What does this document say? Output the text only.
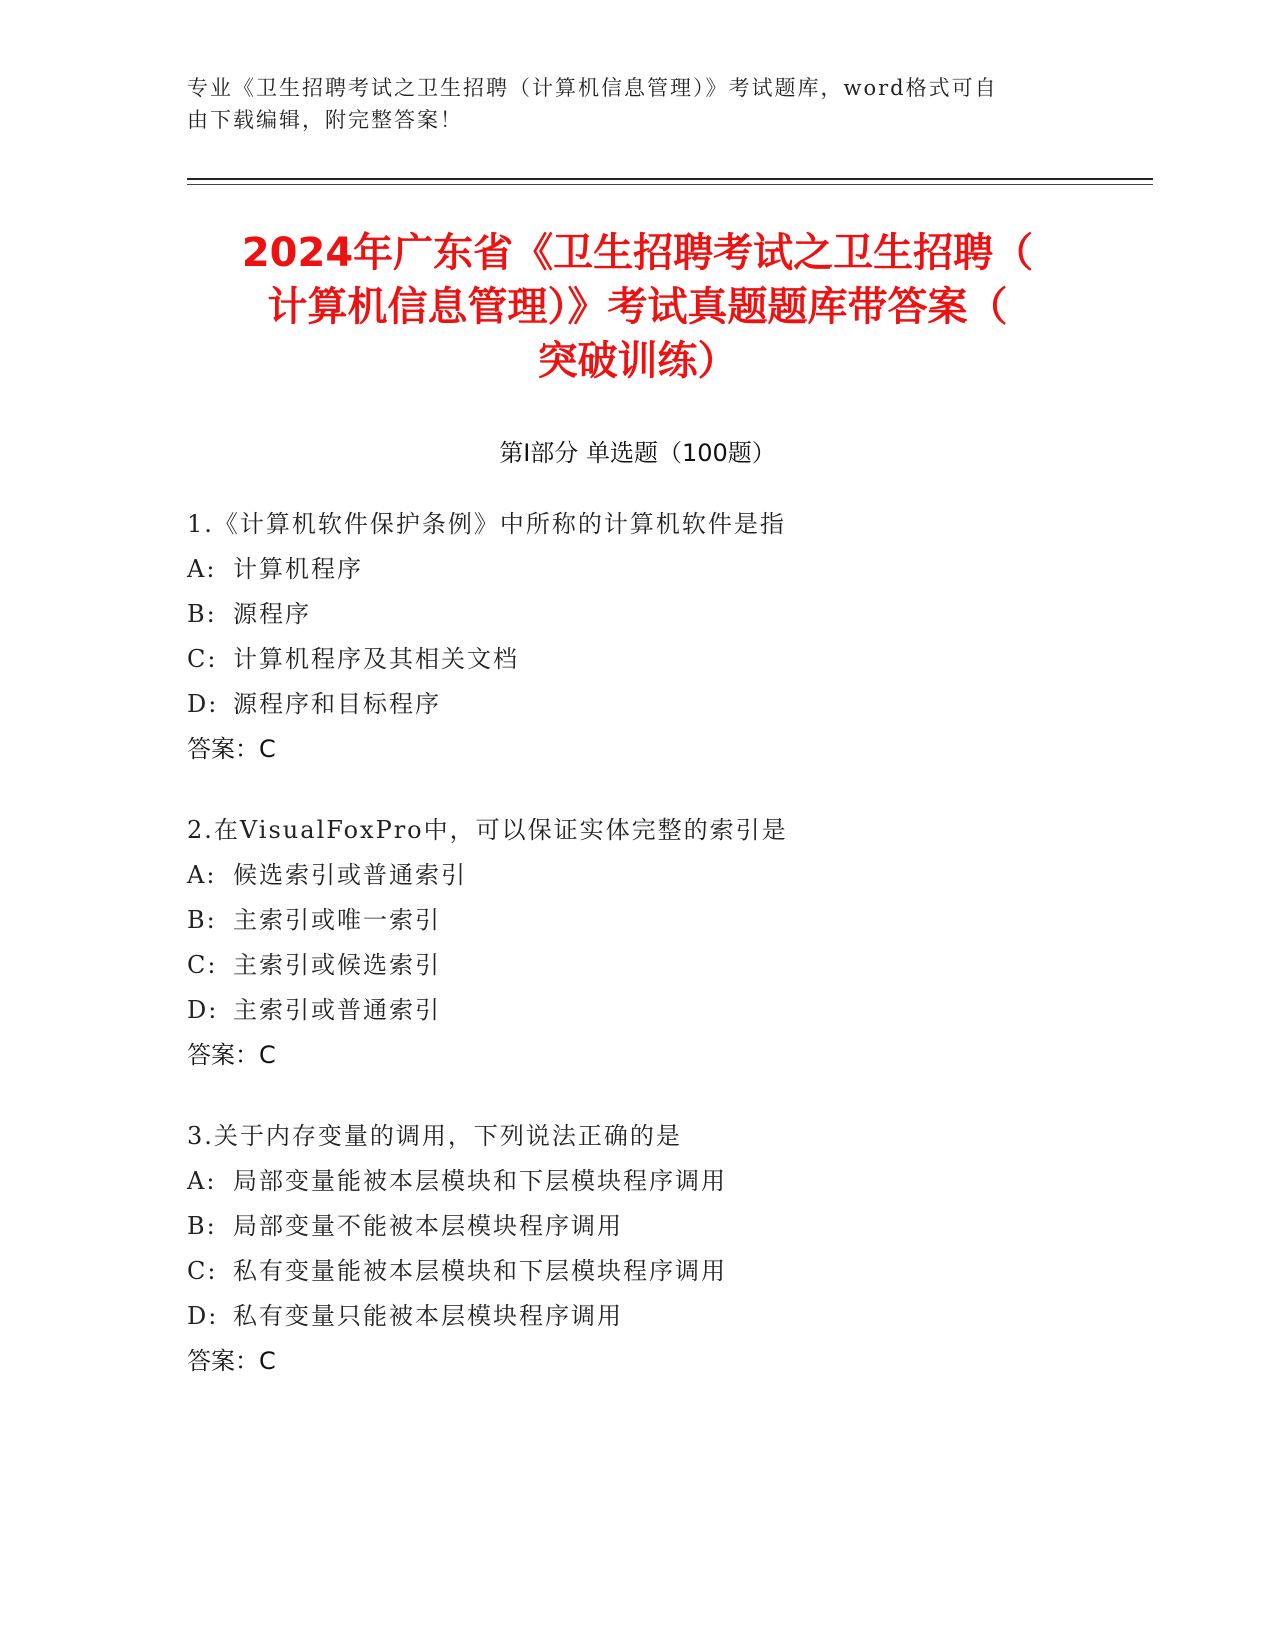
专业《卫生招聘考试之卫生招聘（计算机信息管理）》考试题库，word格式可自
由下载编辑，附完整答案！
2024年广东省《卫生招聘考试之卫生招聘（
计算机信息管理）》考试真题题库带答案（
突破训练）
第Ⅰ部分 单选题（100题）
1.《计算机软件保护条例》中所称的计算机软件是指
A: 计算机程序
B: 源程序
C: 计算机程序及其相关文档
D: 源程序和目标程序
答案：C
2.在VisualFoxPro中，可以保证实体完整的索引是
A: 候选索引或普通索引
B: 主索引或唯一索引
C: 主索引或候选索引
D: 主索引或普通索引
答案：C
3.关于内存变量的调用，下列说法正确的是
A: 局部变量能被本层模块和下层模块程序调用
B: 局部变量不能被本层模块程序调用
C: 私有变量能被本层模块和下层模块程序调用
D: 私有变量只能被本层模块程序调用
答案：C
